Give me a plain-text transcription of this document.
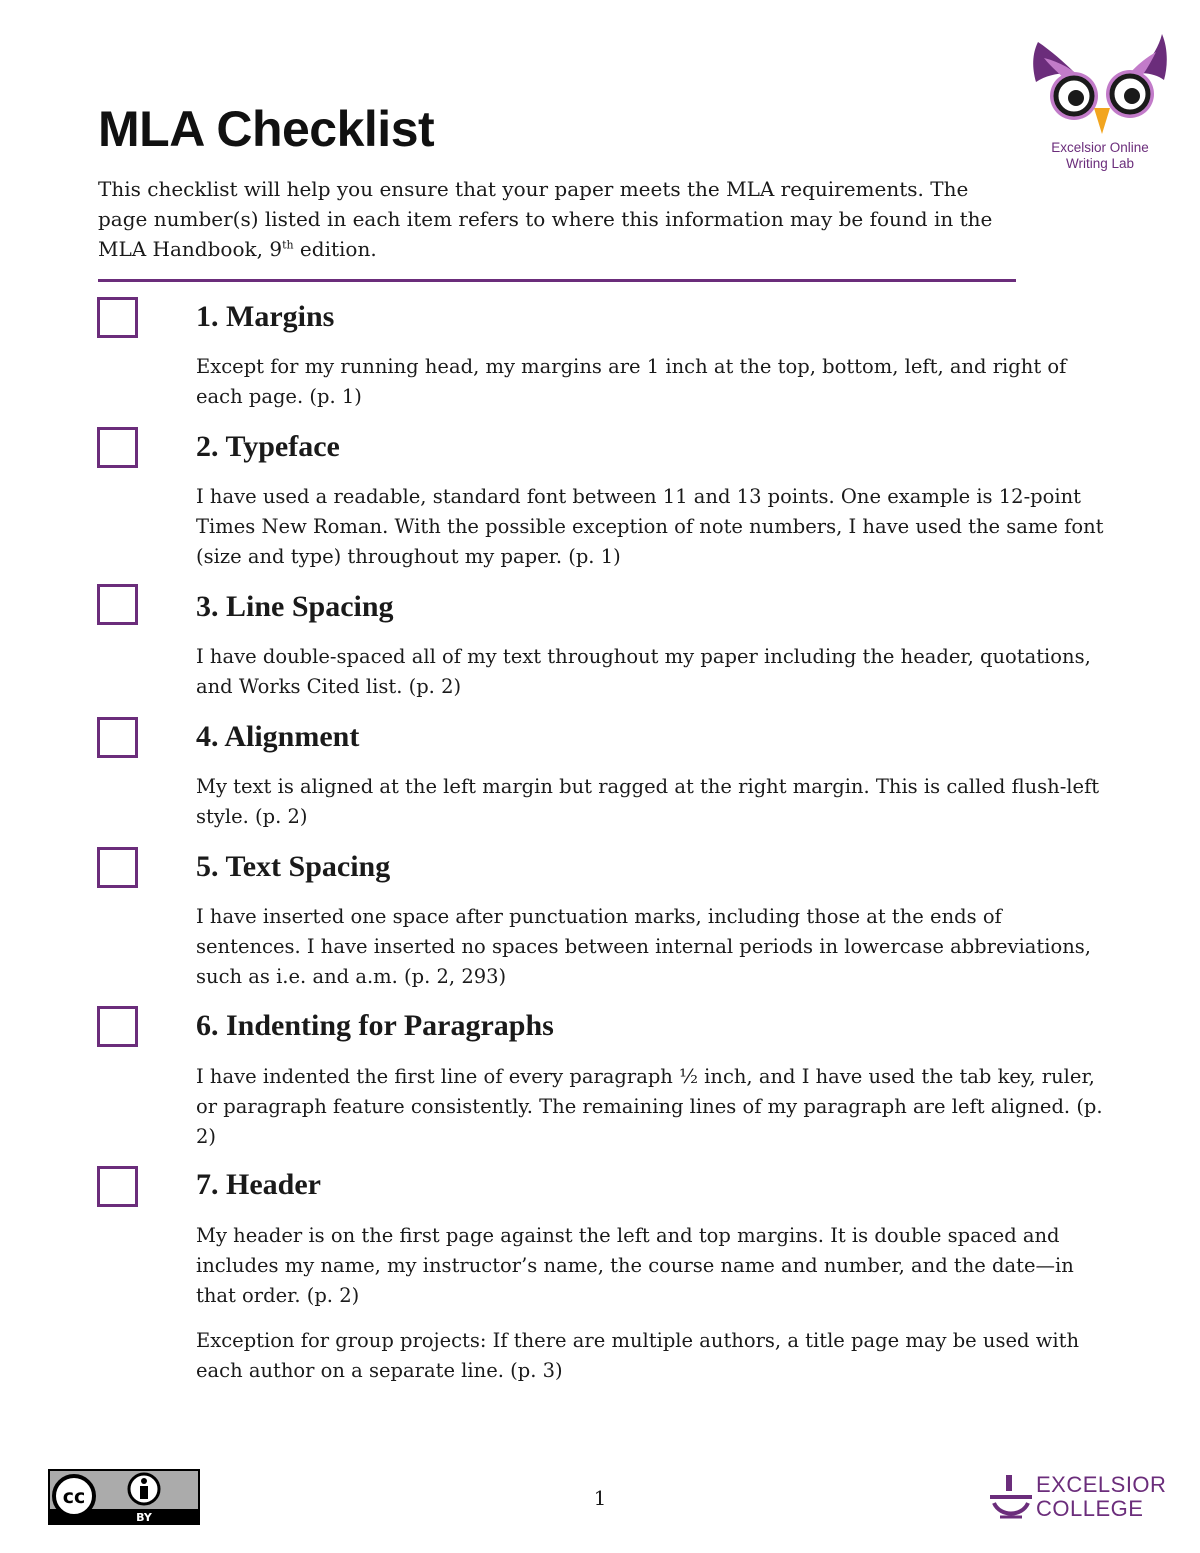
MLA Checklist	Excelsior Online
Writing Lab
This checklist will help you ensure that your paper meets the MLA requirements. The
page number(s) listed in each item refers to where this information may be found in the
MLA Handbook, 9th edition.
1. Margins

Except for my running head, my margins are 1 inch at the top, bottom, left, and right of each page. (p. 1)

2. Typeface

I have used a readable, standard font between 11 and 13 points. One example is 12-point Times New Roman. With the possible exception of note numbers, I have used the same font (size and type) throughout my paper. (p. 1)

3. Line Spacing

I have double-spaced all of my text throughout my paper including the header, quotations, and Works Cited list. (p. 2)

4. Alignment

My text is aligned at the left margin but ragged at the right margin. This is called flush-left style. (p. 2)

5. Text Spacing

I have inserted one space after punctuation marks, including those at the ends of sentences. I have inserted no spaces between internal periods in lowercase abbreviations, such as i.e. and a.m. (p. 2, 293)

6. Indenting for Paragraphs

I have indented the first line of every paragraph ½ inch, and I have used the tab key, ruler, or paragraph feature consistently. The remaining lines of my paragraph are left aligned. (p. 2)

7. Header

My header is on the first page against the left and top margins. It is double spaced and includes my name, my instructor’s name, the course name and number, and the date—in that order. (p. 2)

Exception for group projects: If there are multiple authors, a title page may be used with each author on a separate line. (p. 3)

cc
BY

1

EXCELSIOR
COLLEGE
